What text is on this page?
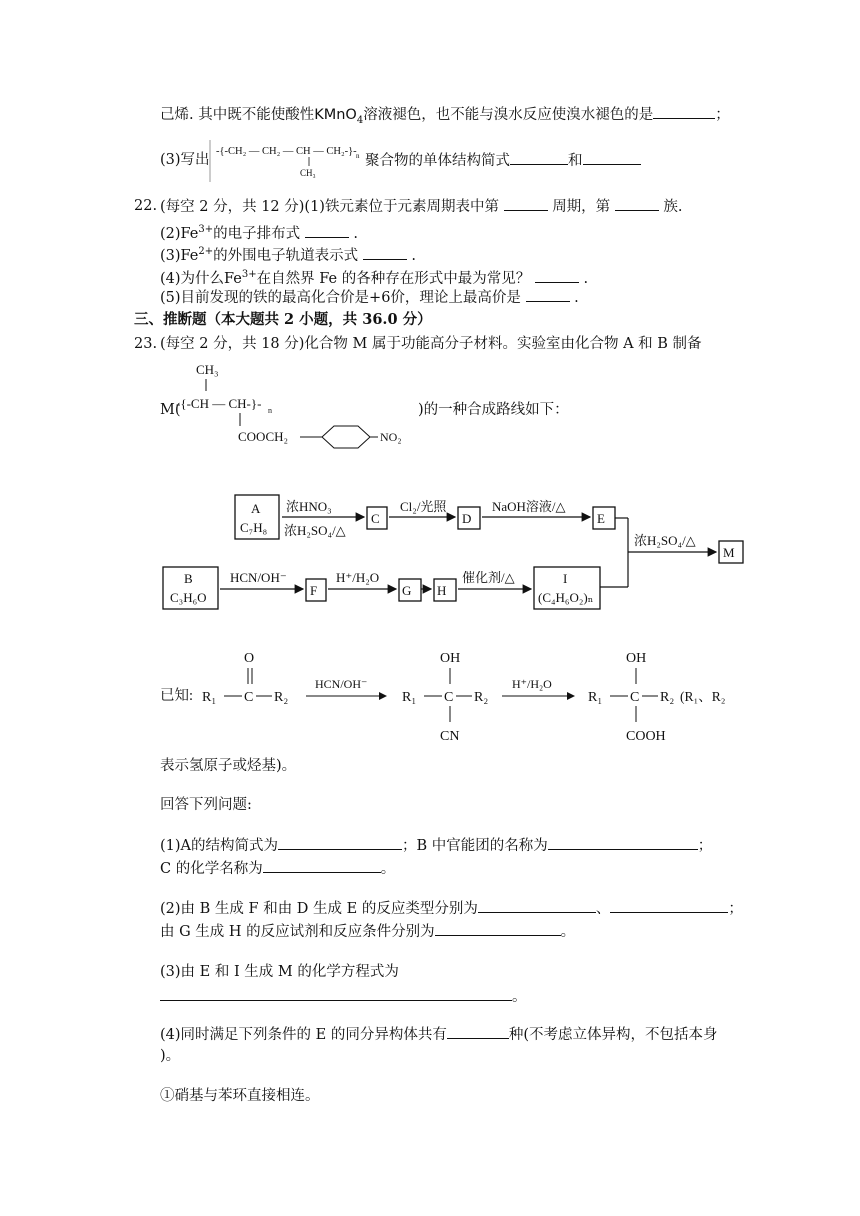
己烯. 其中既不能使酸性KMnO$_4$溶液褪色，也不能与溴水反应使溴水褪色的是	；
(3)写出
-{-CH₂ — CH₂ — CH — CH₂-}- n
CH₃
聚合物的单体结构简式	和
22. (每空 2 分，共 12 分)(1)铁元素位于元素周期表中第	周期，第	族.
$(2)Fe^{3+}$的电子排布式	.
$(3)Fe^{2+}$的外围电子轨道表示式	.
(4)为什么$Fe^{3+}$在自然界 Fe 的各种存在形式中最为常见？	.
(5)目前发现的铁的最高化合价是+6价，理论上最高价是	.
三、推断题（本大题共 2 小题，共 36.0 分）
23. (每空 2 分，共 18 分)化合物 M 属于功能高分子材料。实验室由化合物 A 和 B 制备
M(
CH₃
-{-CH — CH-}- n
COOCH₂	NO₂
)的一种合成路线如下：
A
C₇H₈
浓HNO₃
浓H₂SO₄/△
C
Cl₂/光照
D
NaOH溶液/△
E
浓H₂SO₄/△
M
B
C₃H₆O
HCN/OH⁻
F
H⁺/H₂O
G H
催化剂/△	I
(C₄H₆O₂)ₙ
已知: R₁ C R₂
O
HCN/OH⁻
R₁ C R₂
OH
CN
H⁺/H₂O
R₁ C R₂
OH
COOH
(R₁、R₂
表示氢原子或烃基)。
回答下列问题:
(1)A的结构简式为	；B 中官能团的名称为	；
C 的化学名称为	。
(2)由 B 生成 F 和由 D 生成 E 的反应类型分别为	、	；
由 G 生成 H 的反应试剂和反应条件分别为	。
(3)由 E 和 I 生成 M 的化学方程式为
。
(4)同时满足下列条件的 E 的同分异构体共有	种(不考虑立体异构，不包括本身
)。
①硝基与苯环直接相连。
